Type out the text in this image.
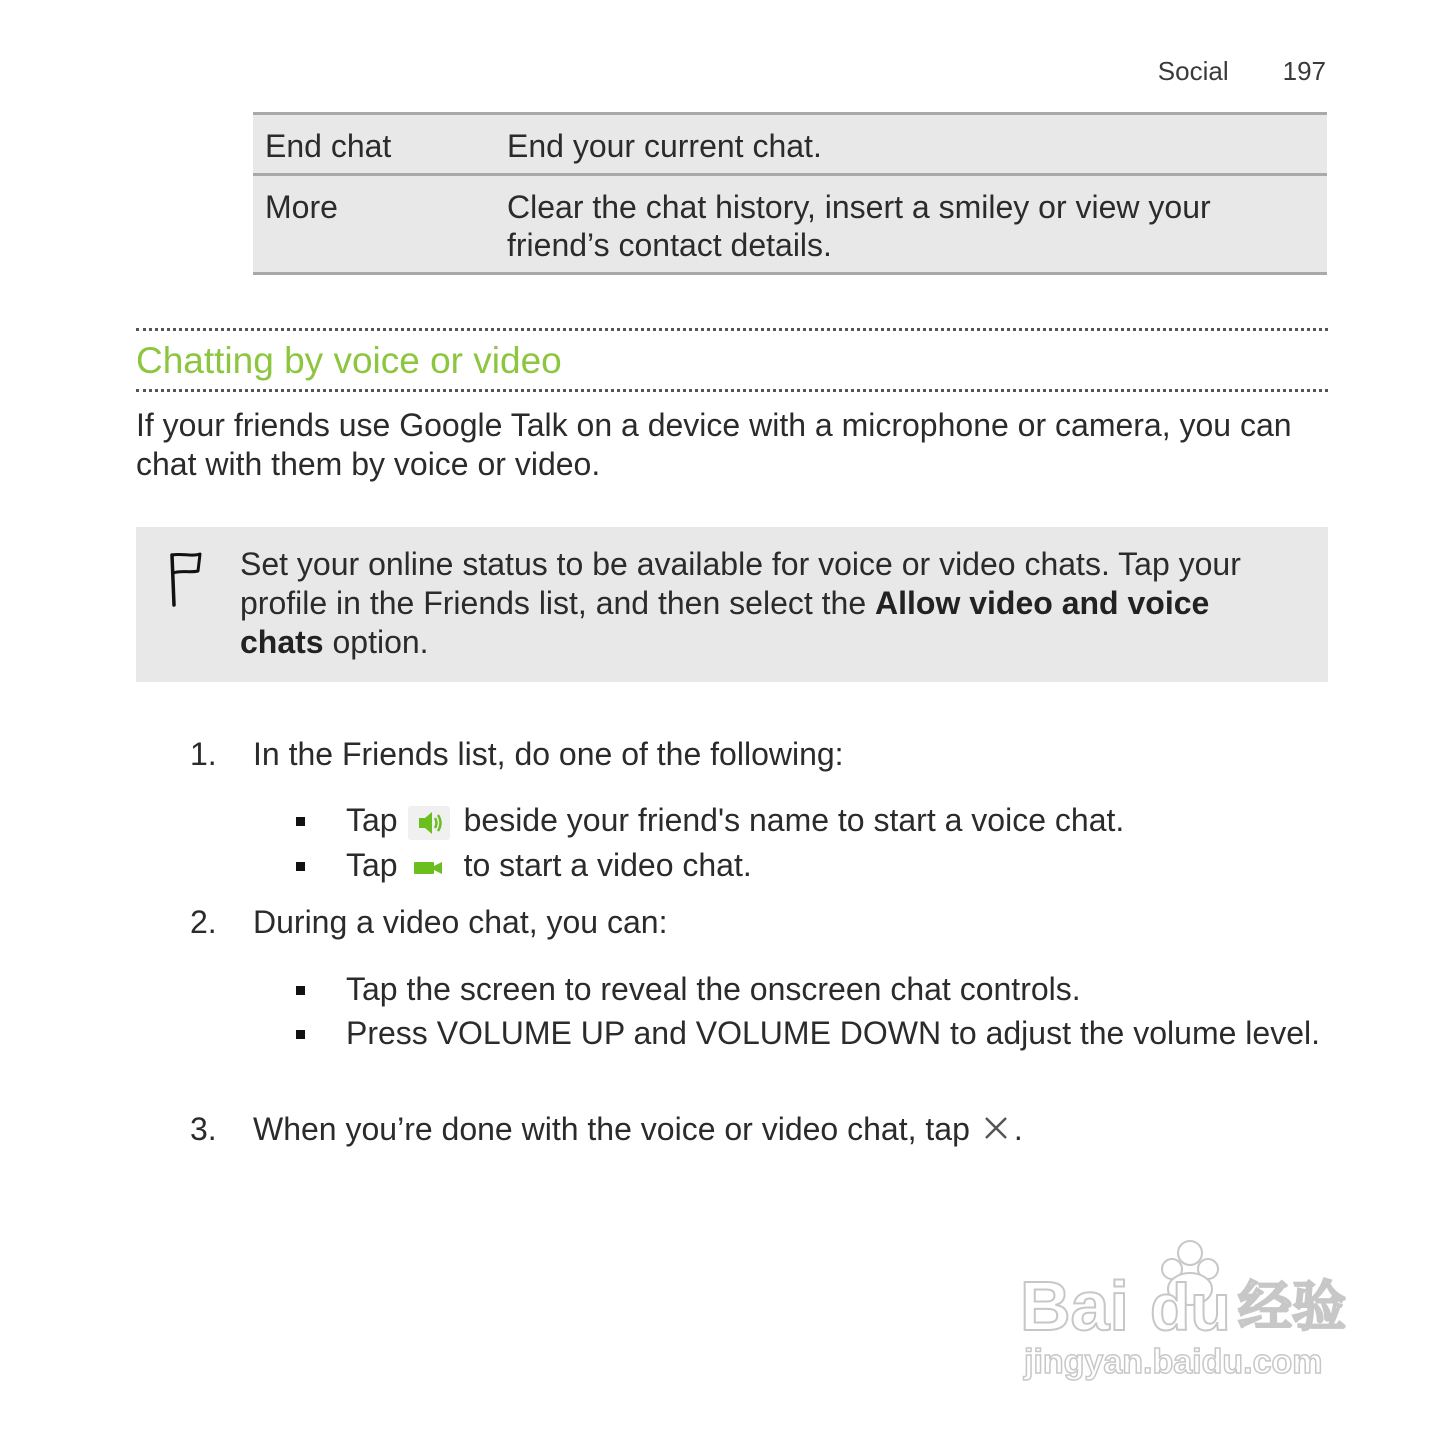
Social 197
End chat	End your current chat.
More	Clear the chat history, insert a smiley or view your friend’s contact details.
Chatting by voice or video

If your friends use Google Talk on a device with a microphone or camera, you can chat with them by voice or video.

Set your online status to be available for voice or video chats. Tap your profile in the Friends list, and then select the Allow video and voice chats option.

1.	In the Friends list, do one of the following:
Tap beside your friend's name to start a voice chat.
Tap to start a video chat.
2.	During a video chat, you can:
Tap the screen to reveal the onscreen chat controls.
Press VOLUME UP and VOLUME DOWN to adjust the volume level.
3.	When you’re done with the voice or video chat, tap .
Bai du 经验
jingyan.baidu.com
